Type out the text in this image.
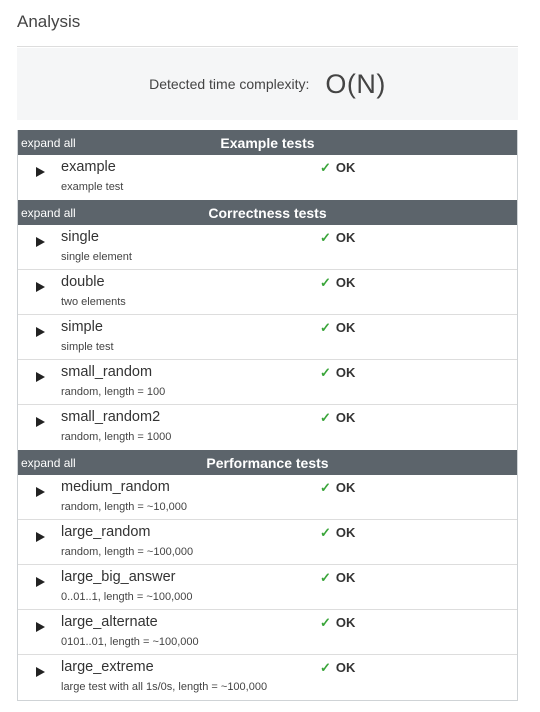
Analysis
Detected time complexity: O(N)
expand all	Example tests
example
example test
✓ OK
expand all	Correctness tests
single
single element
✓ OK
double
two elements
✓ OK
simple
simple test
✓ OK
small_random
random, length = 100
✓ OK
small_random2
random, length = 1000
✓ OK
expand all	Performance tests
medium_random
random, length = ~10,000
✓ OK
large_random
random, length = ~100,000
✓ OK
large_big_answer
0..01..1, length = ~100,000
✓ OK
large_alternate
0101..01, length = ~100,000
✓ OK
large_extreme
large test with all 1s/0s, length = ~100,000
✓ OK
